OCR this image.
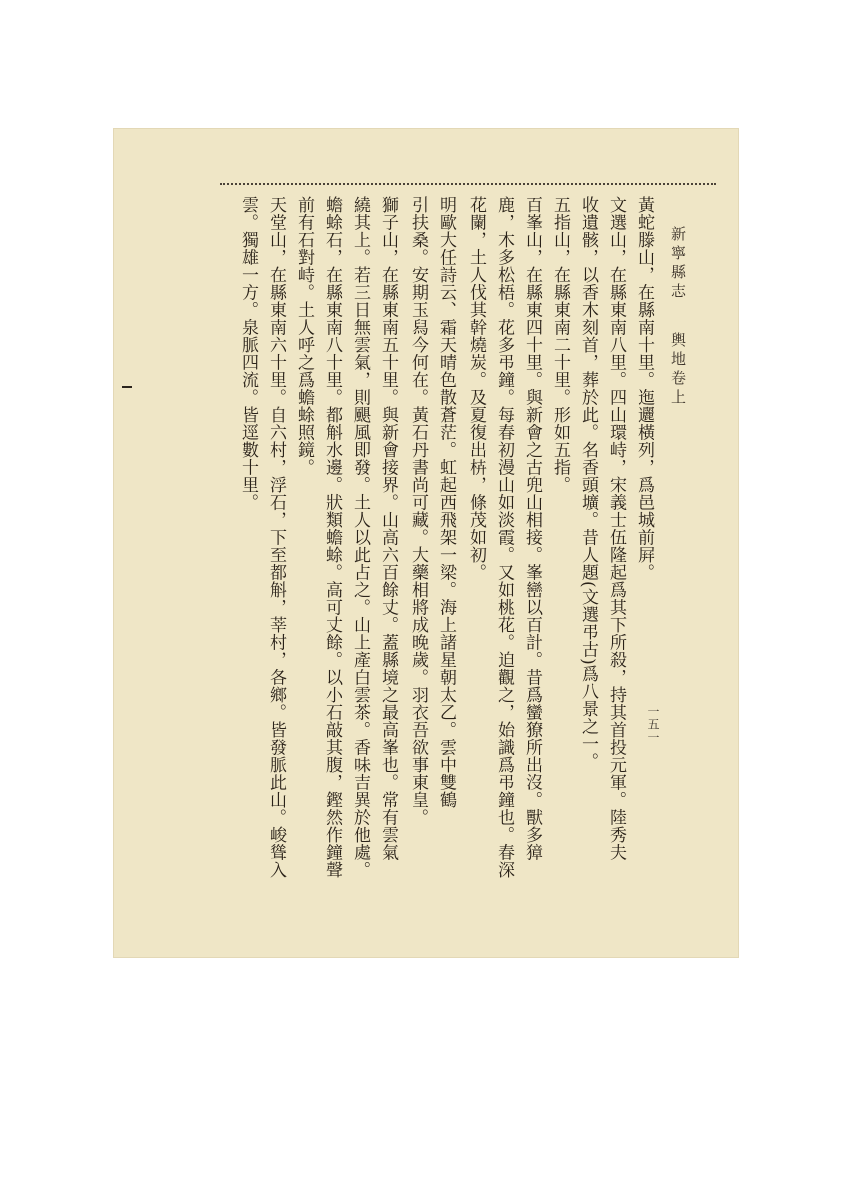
一五一
新寧縣志輿地卷上
黃蛇滕山，在縣南十里。迤邐橫列，爲邑城前屛。
文選山，在縣東南八里。四山環峙，宋義士伍隆起爲其下所殺，持其首投元軍。陸秀夫
收遺骸，以香木刻首，葬於此。名香頭壙。昔人題(文選弔古)爲八景之一。
五指山，在縣東南二十里。形如五指。
百峯山，在縣東四十里。與新會之古兜山相接。峯巒以百計。昔爲蠻獠所出沒。獸多獐
鹿，木多松梧。花多弔鐘。每春初漫山如淡霞。又如桃花。迫觀之，始識爲弔鐘也。春深
花闌，土人伐其幹燒炭。及夏復出枿，條茂如初。
明歐大任詩云、霜天晴色散蒼茫。虹起西飛架一梁。海上諸星朝太乙。雲中雙鶴
引扶桑。安期玉舄今何在。黃石丹書尚可藏。大藥相將成晚歲。羽衣吾欲事東皇。
獅子山，在縣東南五十里。與新會接界。山高六百餘丈。蓋縣境之最高峯也。常有雲氣
繞其上。若三日無雲氣，則颶風即發。土人以此占之。山上產白雲茶。香味吉異於他處。
蟾蜍石，在縣東南八十里。都斛水邊。狀類蟾蜍。高可丈餘。以小石敲其腹，鏗然作鐘聲
前有石對峙。土人呼之爲蟾蜍照鏡。
天堂山，在縣東南六十里。自六村，浮石，下至都斛，莘村，各鄉。皆發脈此山。峻聳入
雲。獨雄一方。泉脈四流。皆逕數十里。
